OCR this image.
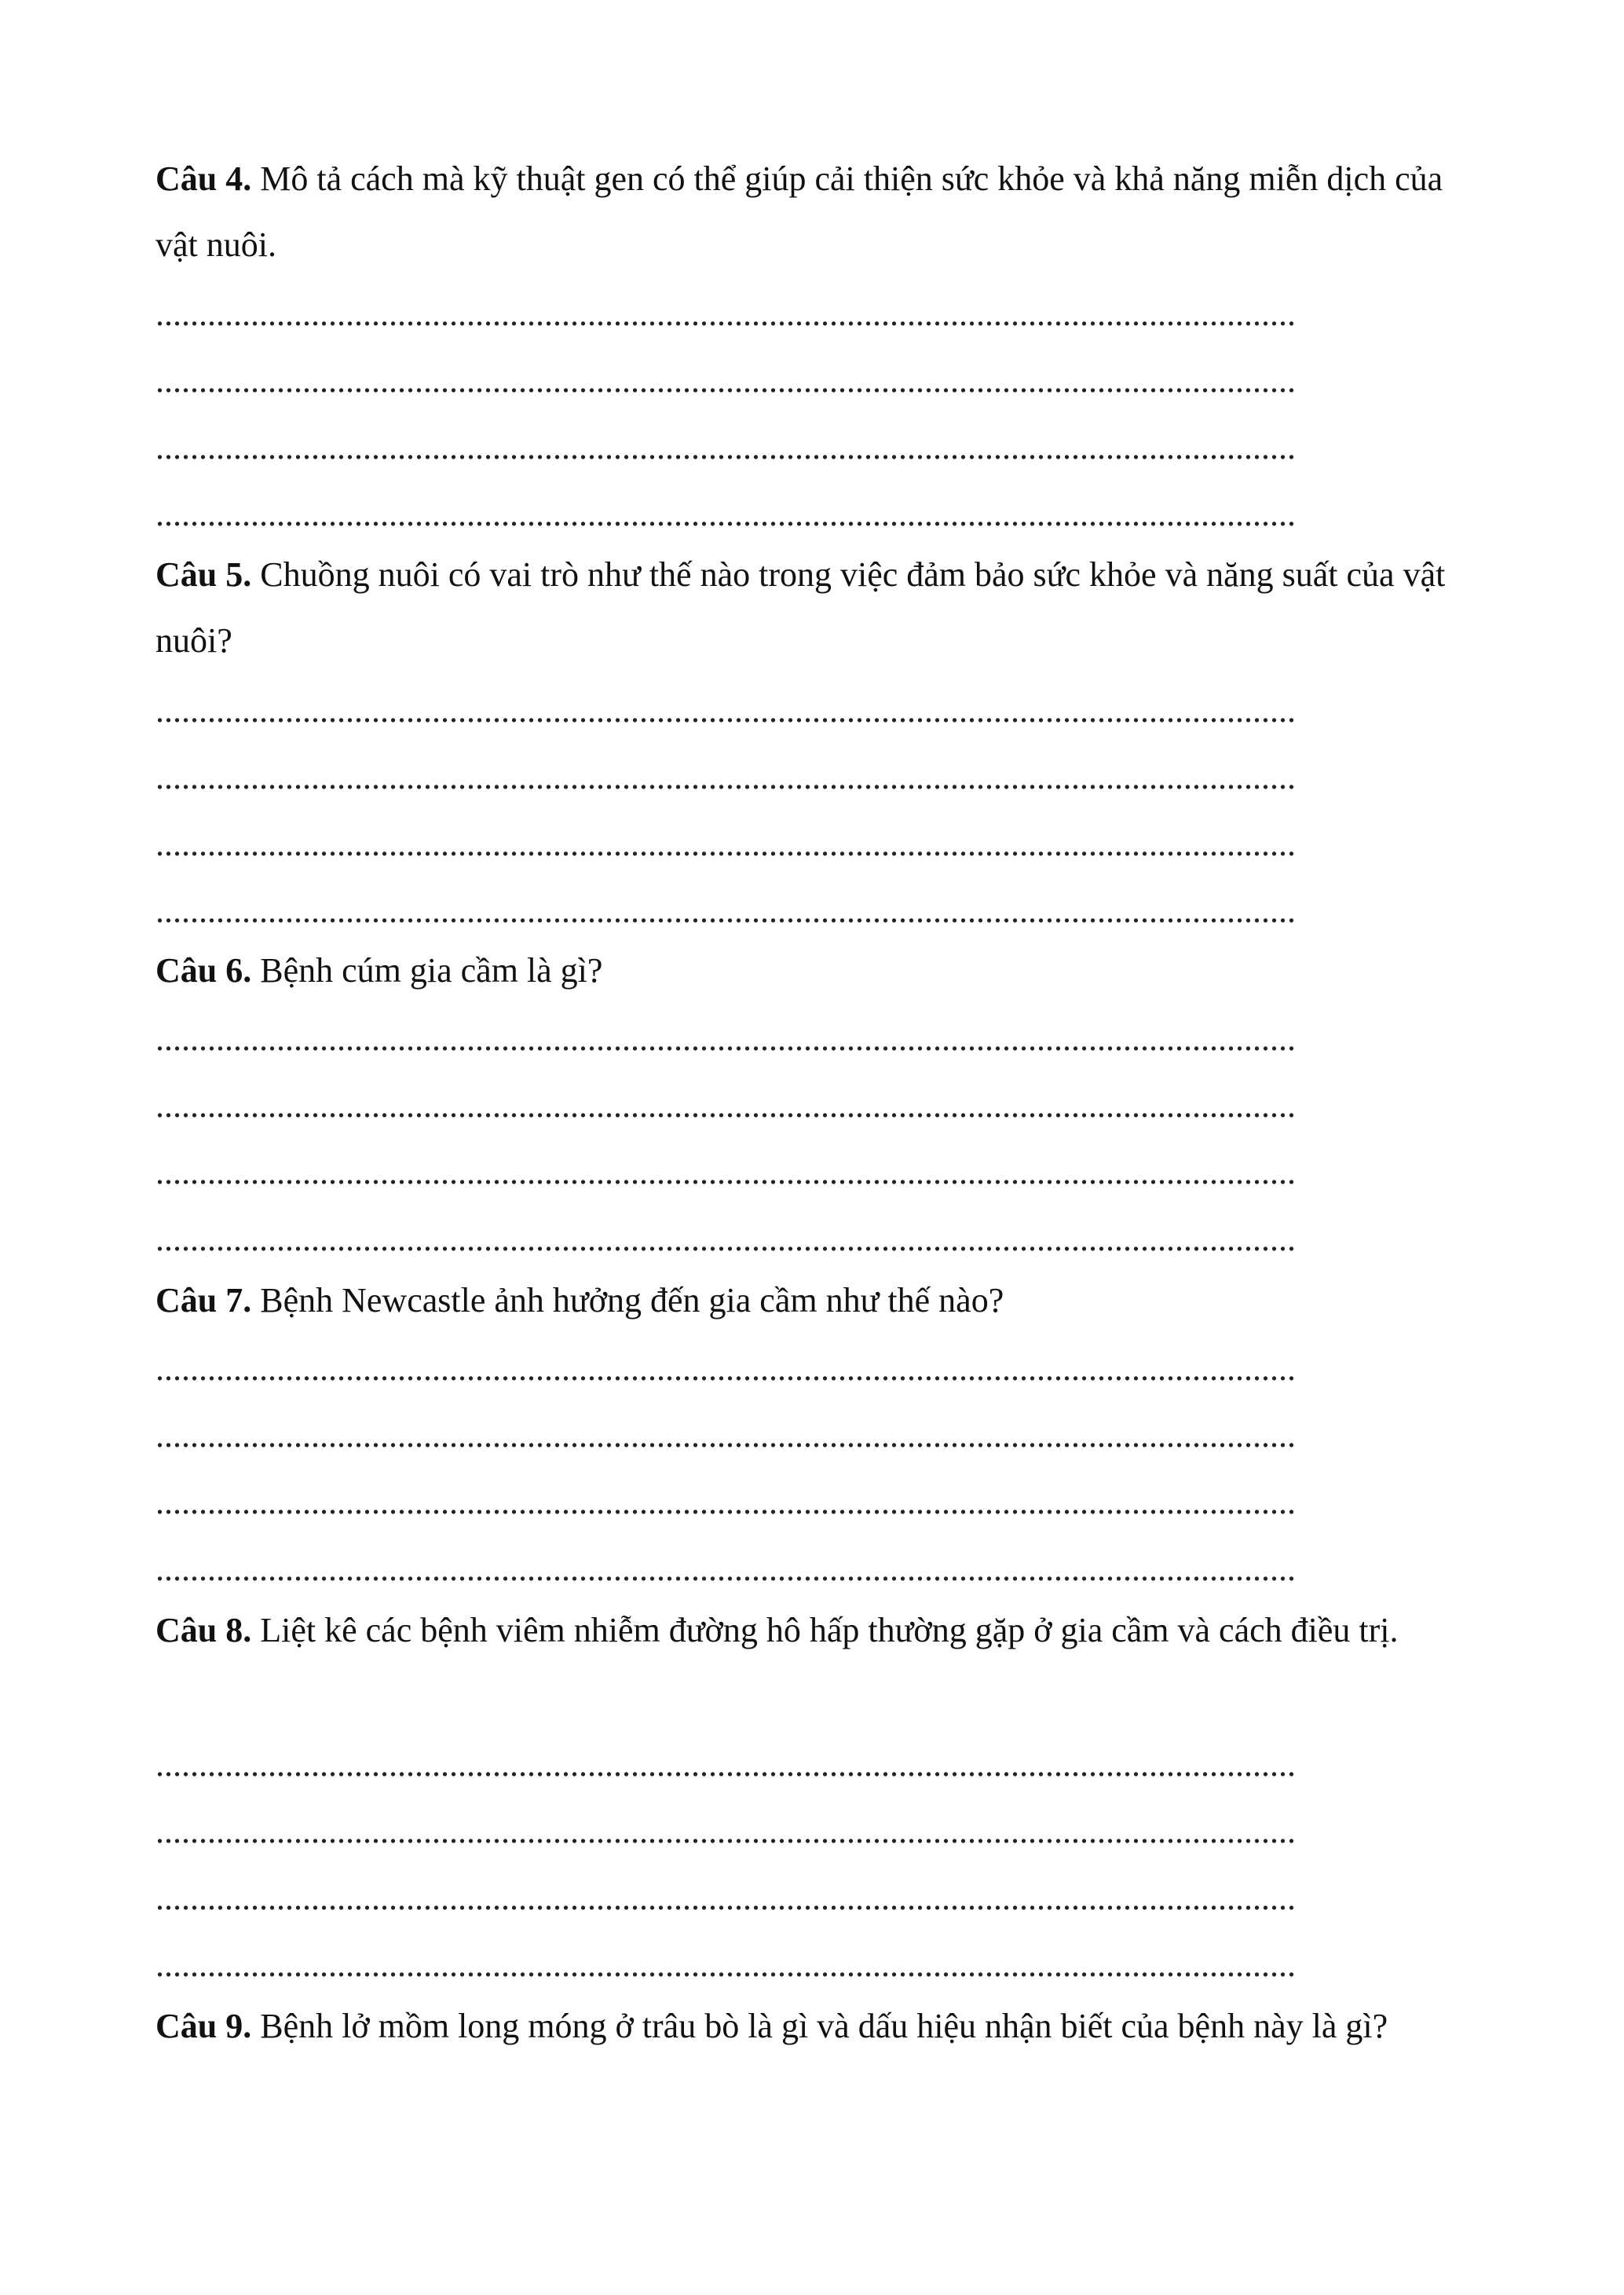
Câu 4. Mô tả cách mà kỹ thuật gen có thể giúp cải thiện sức khỏe và khả năng miễn dịch của vật nuôi.

....................................................................................................................................
....................................................................................................................................
....................................................................................................................................
....................................................................................................................................

Câu 5. Chuồng nuôi có vai trò như thế nào trong việc đảm bảo sức khỏe và năng suất của vật nuôi?

....................................................................................................................................
....................................................................................................................................
....................................................................................................................................
....................................................................................................................................

Câu 6. Bệnh cúm gia cầm là gì?

....................................................................................................................................
....................................................................................................................................
....................................................................................................................................
....................................................................................................................................

Câu 7. Bệnh Newcastle ảnh hưởng đến gia cầm như thế nào?

....................................................................................................................................
....................................................................................................................................
....................................................................................................................................
....................................................................................................................................

Câu 8. Liệt kê các bệnh viêm nhiễm đường hô hấp thường gặp ở gia cầm và cách điều trị.

....................................................................................................................................
....................................................................................................................................
....................................................................................................................................
....................................................................................................................................

Câu 9. Bệnh lở mồm long móng ở trâu bò là gì và dấu hiệu nhận biết của bệnh này là gì?
